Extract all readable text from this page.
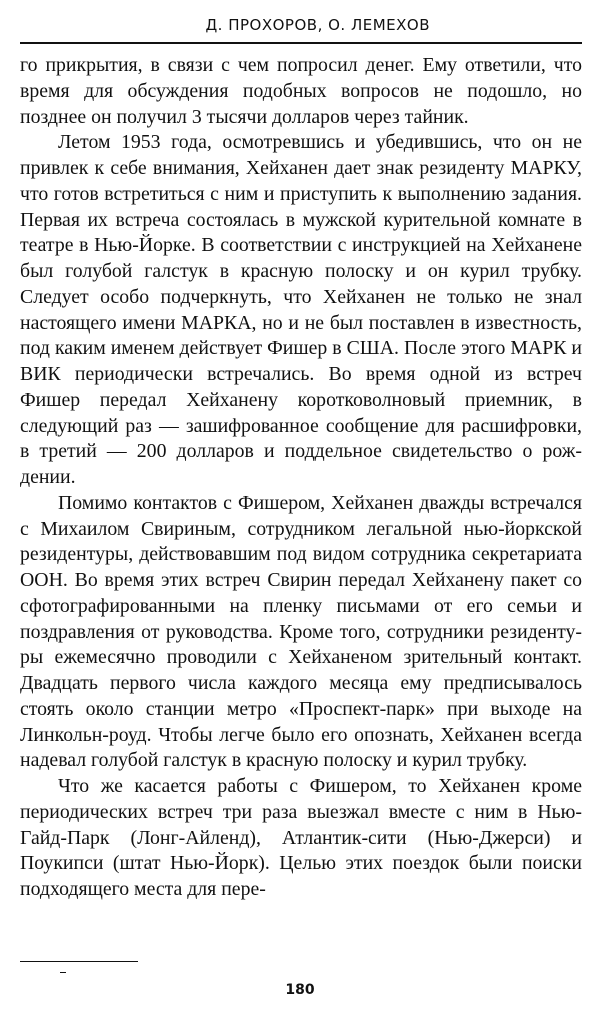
Д. ПРОХОРОВ, О. ЛЕМЕХОВ

го прикрытия, в связи с чем попросил денег. Ему ответили, что время для обсуждения подобных вопросов не подошло, но позднее он получил 3 тысячи долларов через тайник.

Летом 1953 года, осмотревшись и убедившись, что он не привлек к себе внимания, Хейханен дает знак резиденту МАРКУ, что готов встретиться с ним и приступить к выполнению задания. Первая их встреча состоялась в мужской курительной комнате в театре в Нью-Йорке. В соответствии с инструкцией на Хейханене был голубой галстук в красную полоску и он курил трубку. Следует особо подчеркнуть, что Хейханен не только не знал настоящего имени МАРКА, но и не был поставлен в известность, под каким именем действует Фишер в США. После этого МАРК и ВИК периодически встречались. Во время одной из встреч Фишер передал Хейханену коротковолновый приемник, в следующий раз — зашифрованное сообщение для расшифровки, в третий — 200 долларов и поддельное свидетельство о рождении.

Помимо контактов с Фишером, Хейханен дважды встречался с Михаилом Свириным, сотрудником легальной нью-йоркской резидентуры, действовавшим под видом сотрудника секретариата ООН. Во время этих встреч Свирин передал Хейханену пакет со сфотографированными на пленку письмами от его семьи и поздравления от руководства. Кроме того, сотрудники резидентуры ежемесячно проводили с Хейханеном зрительный контакт. Двадцать первого числа каждого месяца ему предписывалось стоять около станции метро «Проспект-парк» при выходе на Линкольн-роуд. Чтобы легче было его опознать, Хейханен всегда надевал голубой галстук в красную полоску и курил трубку.

Что же касается работы с Фишером, то Хейханен кроме периодических встреч три раза выезжал вместе с ним в Нью-Гайд-Парк (Лонг-Айленд), Атлантик-сити (Нью-Джерси) и Поукипси (штат Нью-Йорк). Целью этих поездок были поиски подходящего места для пере-

180
